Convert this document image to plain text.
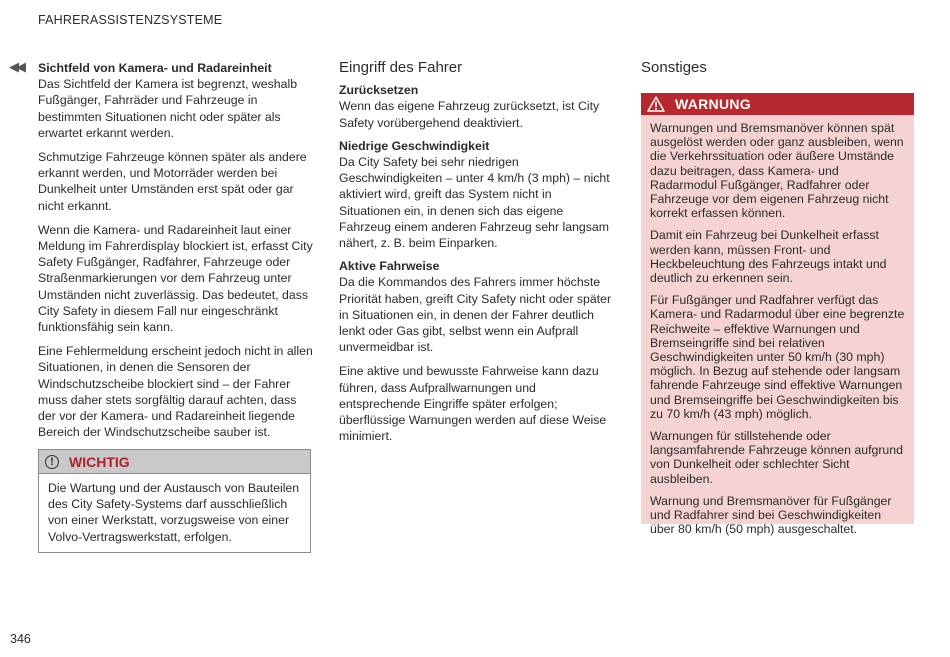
FAHRERASSISTENZSYSTEME
◀◀ Sichtfeld von Kamera- und Radareinheit

Das Sichtfeld der Kamera ist begrenzt, weshalb Fußgänger, Fahrräder und Fahrzeuge in bestimmten Situationen nicht oder später als erwartet erkannt werden.

Schmutzige Fahrzeuge können später als andere erkannt werden, und Motorräder werden bei Dunkelheit unter Umständen erst spät oder gar nicht erkannt.

Wenn die Kamera- und Radareinheit laut einer Meldung im Fahrerdisplay blockiert ist, erfasst City Safety Fußgänger, Radfahrer, Fahrzeuge oder Straßenmarkierungen vor dem Fahrzeug unter Umständen nicht zuverlässig. Das bedeutet, dass City Safety in diesem Fall nur eingeschränkt funktionsfähig sein kann.

Eine Fehlermeldung erscheint jedoch nicht in allen Situationen, in denen die Sensoren der Windschutzscheibe blockiert sind – der Fahrer muss daher stets sorgfältig darauf achten, dass der vor der Kamera- und Radareinheit liegende Bereich der Windschutzscheibe sauber ist.

!	WICHTIG
Die Wartung und der Austausch von Bauteilen des City Safety-Systems darf ausschließlich von einer Werkstatt, vorzugsweise von einer Volvo-Vertragswerkstatt, erfolgen.
Eingriff des Fahrer
Zurücksetzen

Wenn das eigene Fahrzeug zurücksetzt, ist City Safety vorübergehend deaktiviert.

Niedrige Geschwindigkeit

Da City Safety bei sehr niedrigen Geschwindigkeiten – unter 4 km/h (3 mph) – nicht aktiviert wird, greift das System nicht in Situationen ein, in denen sich das eigene Fahrzeug einem anderen Fahrzeug sehr langsam nähert, z. B. beim Einparken.

Aktive Fahrweise

Da die Kommandos des Fahrers immer höchste Priorität haben, greift City Safety nicht oder später in Situationen ein, in denen der Fahrer deutlich lenkt oder Gas gibt, selbst wenn ein Aufprall unvermeidbar ist.

Eine aktive und bewusste Fahrweise kann dazu führen, dass Aufprallwarnungen und entsprechende Eingriffe später erfolgen; überflüssige Warnungen werden auf diese Weise minimiert.

Sonstiges
WARNUNG

Warnungen und Bremsmanöver können spät ausgelöst werden oder ganz ausbleiben, wenn die Verkehrssituation oder äußere Umstände dazu beitragen, dass Kamera- und Radarmodul Fußgänger, Radfahrer oder Fahrzeuge vor dem eigenen Fahrzeug nicht korrekt erfassen können.

Damit ein Fahrzeug bei Dunkelheit erfasst werden kann, müssen Front- und Heckbeleuchtung des Fahrzeugs intakt und deutlich zu erkennen sein.

Für Fußgänger und Radfahrer verfügt das Kamera- und Radarmodul über eine begrenzte Reichweite – effektive Warnungen und Bremseingriffe sind bei relativen Geschwindigkeiten unter 50 km/h (30 mph) möglich. In Bezug auf stehende oder langsam fahrende Fahrzeuge sind effektive Warnungen und Bremseingriffe bei Geschwindigkeiten bis zu 70 km/h (43 mph) möglich.

Warnungen für stillstehende oder langsamfahrende Fahrzeuge können aufgrund von Dunkelheit oder schlechter Sicht ausbleiben.

Warnung und Bremsmanöver für Fußgänger und Radfahrer sind bei Geschwindigkeiten über 80 km/h (50 mph) ausgeschaltet.

346
